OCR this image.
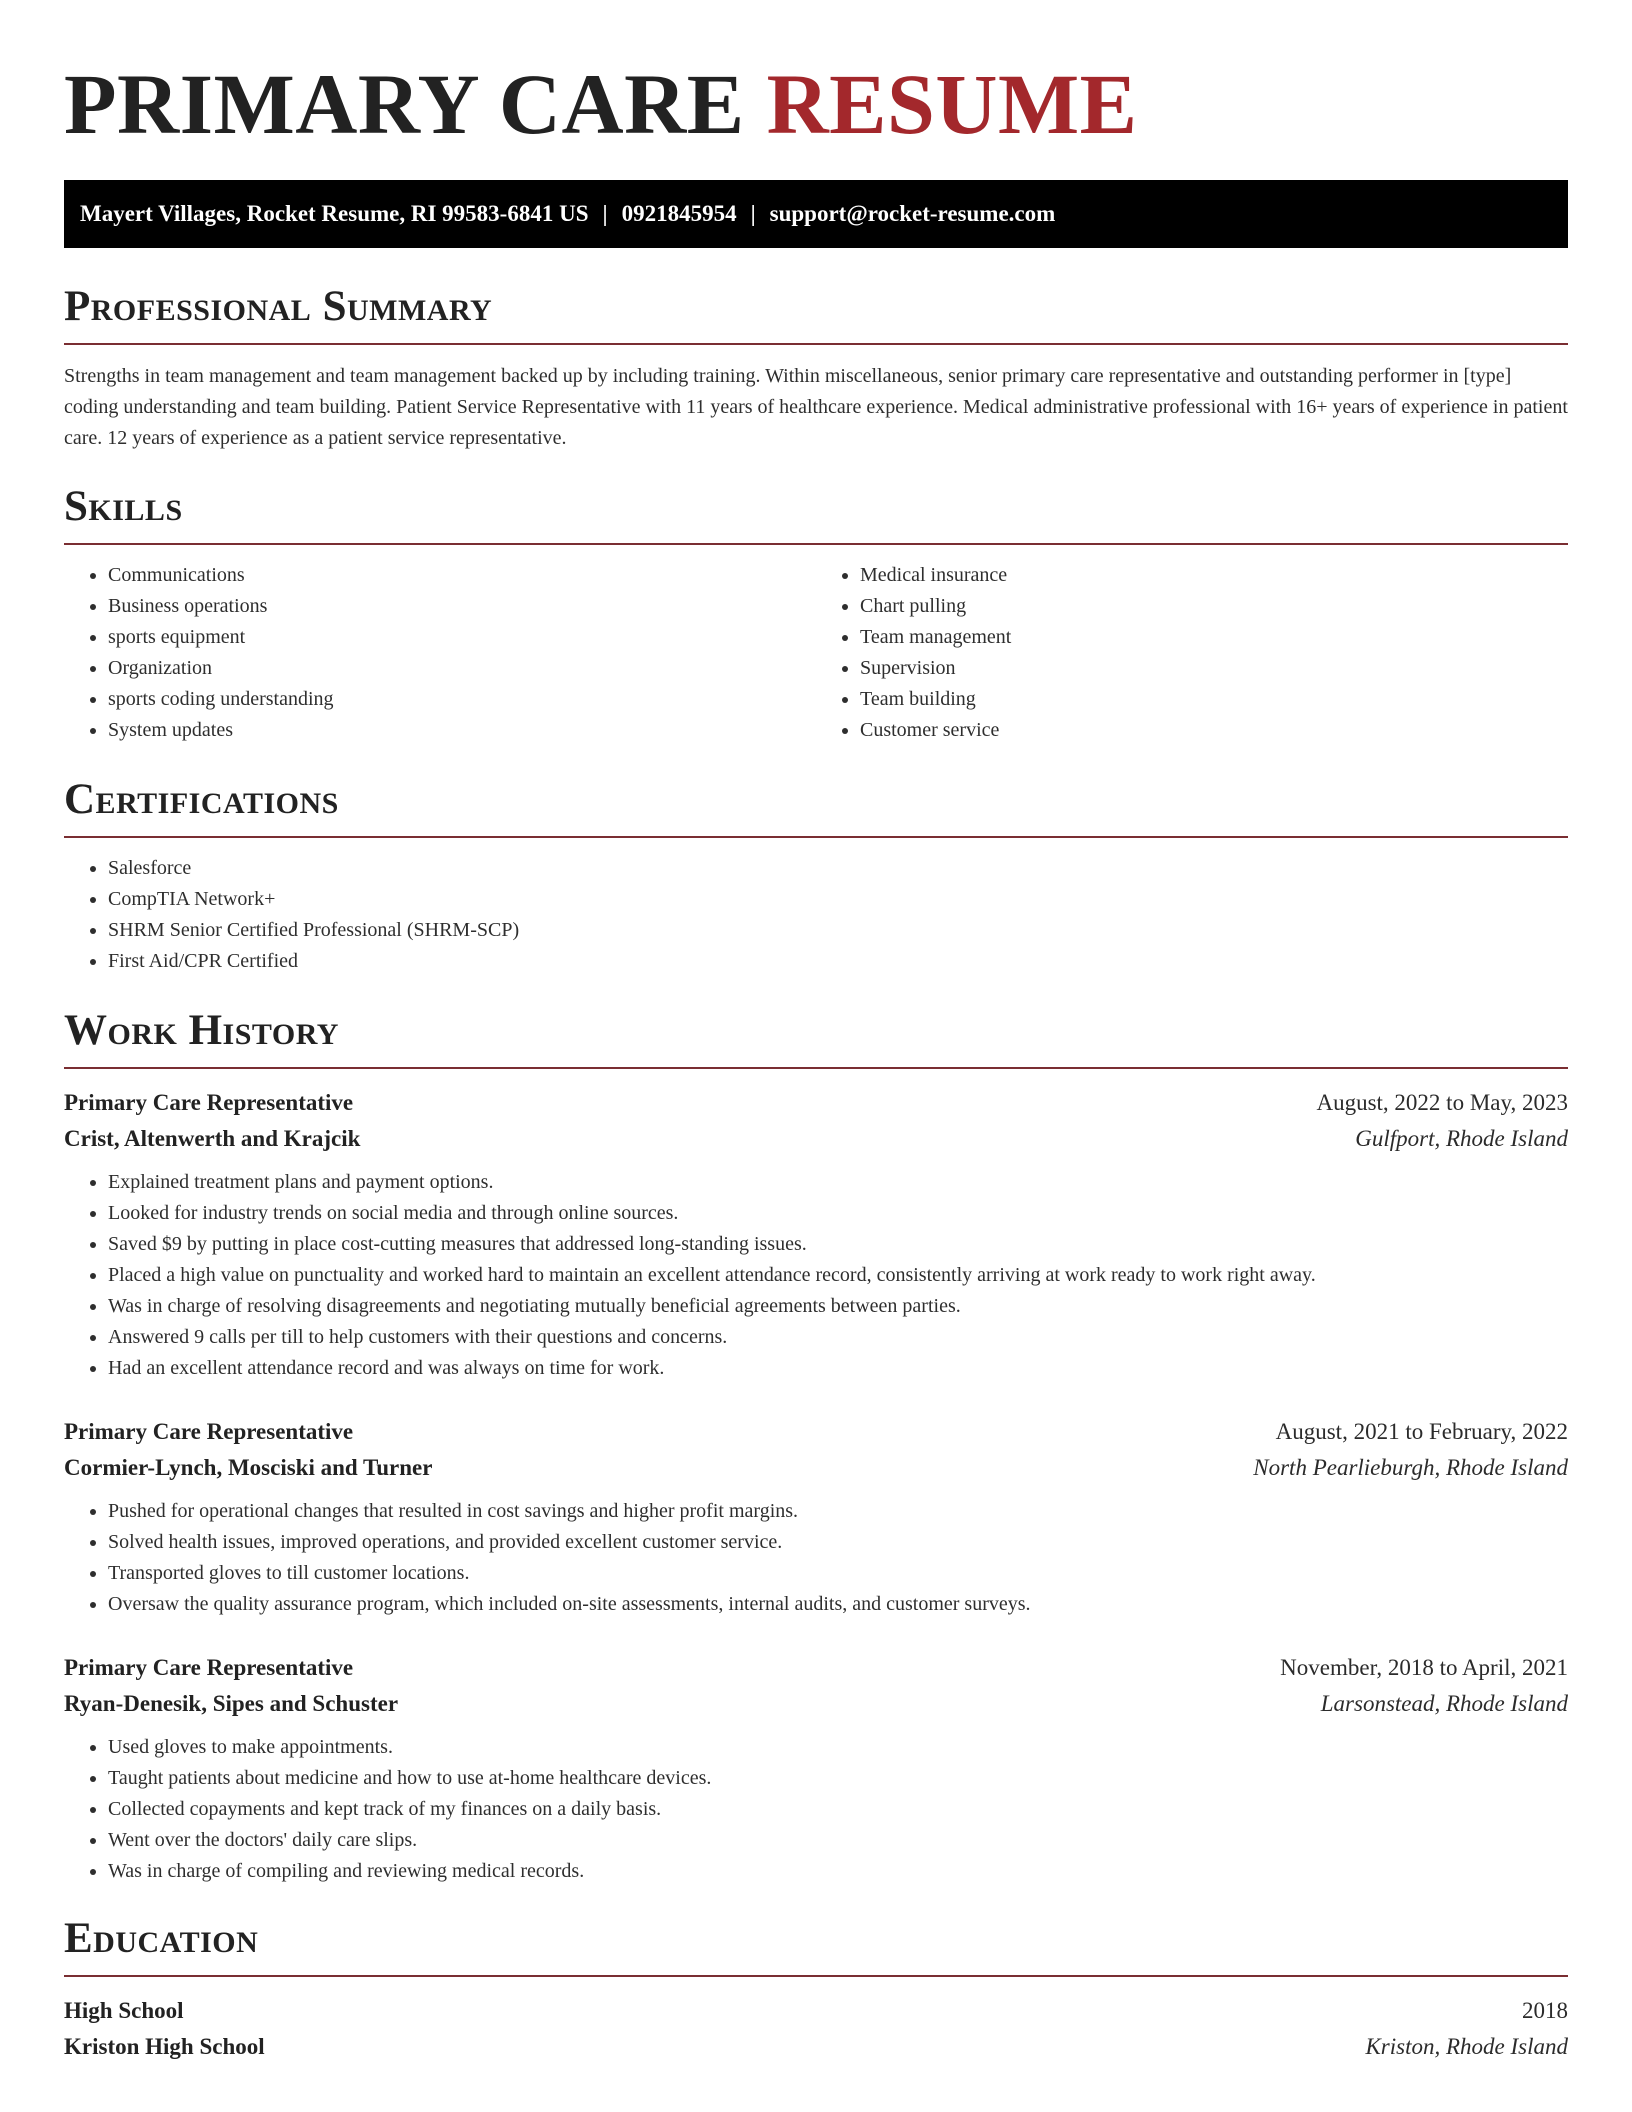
PRIMARY CARE RESUME
Mayert Villages, Rocket Resume, RI 99583-6841 US | 0921845954 | support@rocket-resume.com
Professional Summary

Strengths in team management and team management backed up by including training. Within miscellaneous, senior primary care representative and outstanding performer in [type] coding understanding and team building. Patient Service Representative with 11 years of healthcare experience. Medical administrative professional with 16+ years of experience in patient care. 12 years of experience as a patient service representative.

Skills
• Communications
• Business operations
• sports equipment
• Organization
• sports coding understanding
• System updates
• Medical insurance
• Chart pulling
• Team management
• Supervision
• Team building
• Customer service
Certifications
• Salesforce
• CompTIA Network+
• SHRM Senior Certified Professional (SHRM-SCP)
• First Aid/CPR Certified
Work History
Primary Care Representative	August, 2022 to May, 2023
Crist, Altenwerth and Krajcik	Gulfport, Rhode Island
• Explained treatment plans and payment options.
• Looked for industry trends on social media and through online sources.
• Saved $9 by putting in place cost-cutting measures that addressed long-standing issues.
• Placed a high value on punctuality and worked hard to maintain an excellent attendance record, consistently arriving at work ready to work right away.
• Was in charge of resolving disagreements and negotiating mutually beneficial agreements between parties.
• Answered 9 calls per till to help customers with their questions and concerns.
• Had an excellent attendance record and was always on time for work.
Primary Care Representative	August, 2021 to February, 2022
Cormier-Lynch, Mosciski and Turner	North Pearlieburgh, Rhode Island
• Pushed for operational changes that resulted in cost savings and higher profit margins.
• Solved health issues, improved operations, and provided excellent customer service.
• Transported gloves to till customer locations.
• Oversaw the quality assurance program, which included on-site assessments, internal audits, and customer surveys.
Primary Care Representative	November, 2018 to April, 2021
Ryan-Denesik, Sipes and Schuster	Larsonstead, Rhode Island
• Used gloves to make appointments.
• Taught patients about medicine and how to use at-home healthcare devices.
• Collected copayments and kept track of my finances on a daily basis.
• Went over the doctors' daily care slips.
• Was in charge of compiling and reviewing medical records.
Education
High School	2018
Kriston High School	Kriston, Rhode Island
